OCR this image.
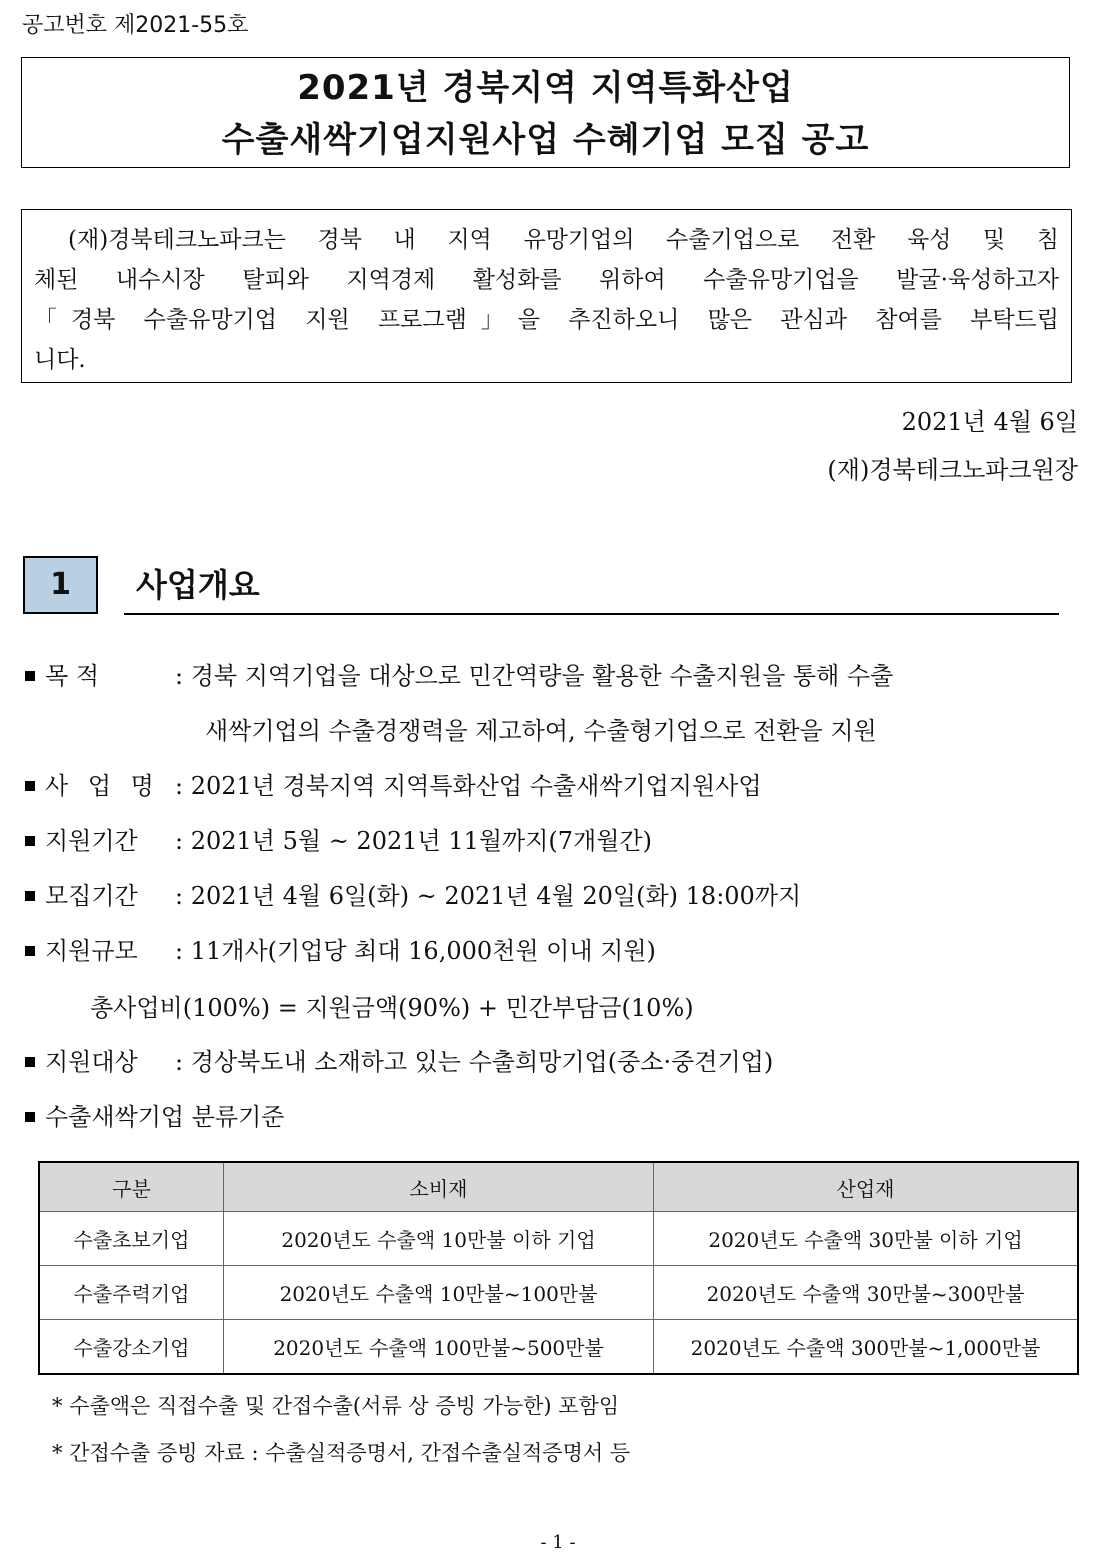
공고번호 제2021-55호
2021년 경북지역 지역특화산업
수출새싹기업지원사업 수혜기업 모집 공고
(재)경북테크노파크는 경북 내 지역 유망기업의 수출기업으로 전환 육성 및 침
체된 내수시장 탈피와 지역경제 활성화를 위하여 수출유망기업을 발굴·육성하고자
「경북 수출유망기업 지원 프로그램」을 추진하오니 많은 관심과 참여를 부탁드립
니다.
2021년 4월 6일
(재)경북테크노파크원장
1	사업개요
목 적	: 경북 지역기업을 대상으로 민간역량을 활용한 수출지원을 통해 수출
새싹기업의 수출경쟁력을 제고하여, 수출형기업으로 전환을 지원
사 업 명 : 2021년 경북지역 지역특화산업 수출새싹기업지원사업
지원기간 : 2021년 5월 ~ 2021년 11월까지(7개월간)
모집기간 : 2021년 4월 6일(화) ~ 2021년 4월 20일(화) 18:00까지
지원규모 : 11개사(기업당 최대 16,000천원 이내 지원)
총사업비(100%) = 지원금액(90%) + 민간부담금(10%)
지원대상 : 경상북도내 소재하고 있는 수출희망기업(중소·중견기업)
수출새싹기업 분류기준
구분	소비재	산업재
수출초보기업	2020년도 수출액 10만불 이하 기업	2020년도 수출액 30만불 이하 기업
수출주력기업	2020년도 수출액 10만불~100만불	2020년도 수출액 30만불~300만불
수출강소기업	2020년도 수출액 100만불~500만불	2020년도 수출액 300만불~1,000만불
* 수출액은 직접수출 및 간접수출(서류 상 증빙 가능한) 포함임
* 간접수출 증빙 자료 : 수출실적증명서, 간접수출실적증명서 등
- 1 -
